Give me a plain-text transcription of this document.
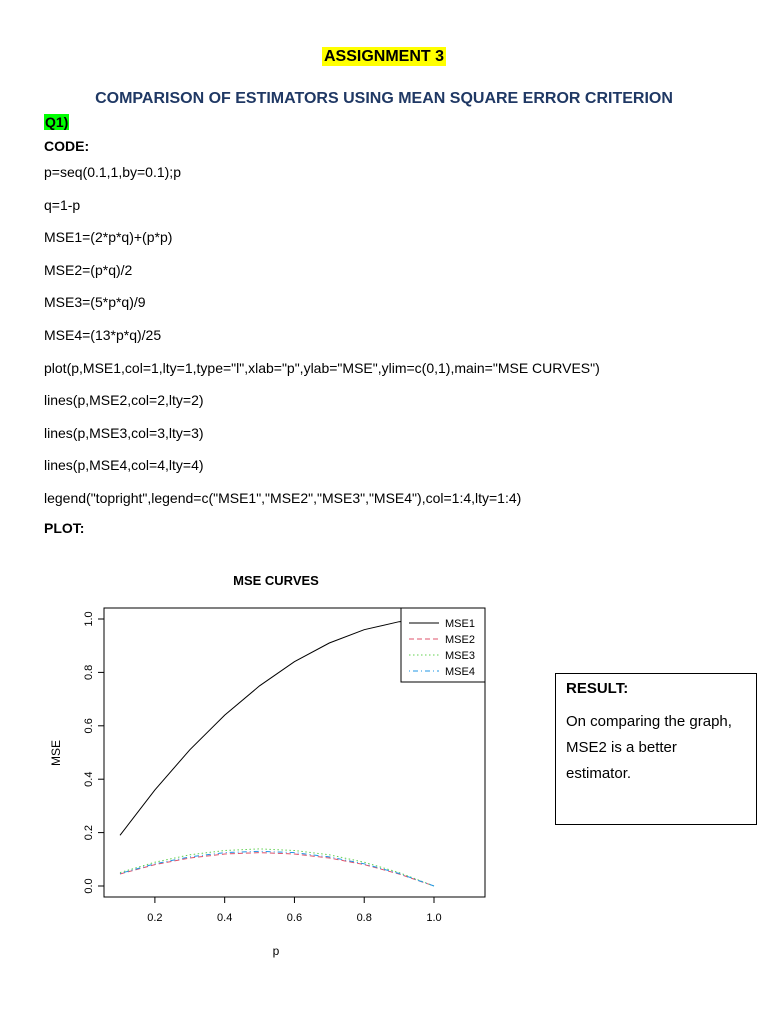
ASSIGNMENT 3
COMPARISON OF ESTIMATORS USING MEAN SQUARE ERROR CRITERION
Q1)
CODE:
p=seq(0.1,1,by=0.1);p
q=1-p
MSE1=(2*p*q)+(p*p)
MSE2=(p*q)/2
MSE3=(5*p*q)/9
MSE4=(13*p*q)/25
plot(p,MSE1,col=1,lty=1,type="l",xlab="p",ylab="MSE",ylim=c(0,1),main="MSE CURVES")
lines(p,MSE2,col=2,lty=2)
lines(p,MSE3,col=3,lty=3)
lines(p,MSE4,col=4,lty=4)
legend("topright",legend=c("MSE1","MSE2","MSE3","MSE4"),col=1:4,lty=1:4)
PLOT:
MSE CURVES
0.2	0.4	0.6	0.8	1.0
0.0
0.2
0.4
0.6
0.8
1.0
p
MSE
MSE1
MSE2
MSE3
MSE4
RESULT:
On comparing the graph, MSE2 is a better estimator.
